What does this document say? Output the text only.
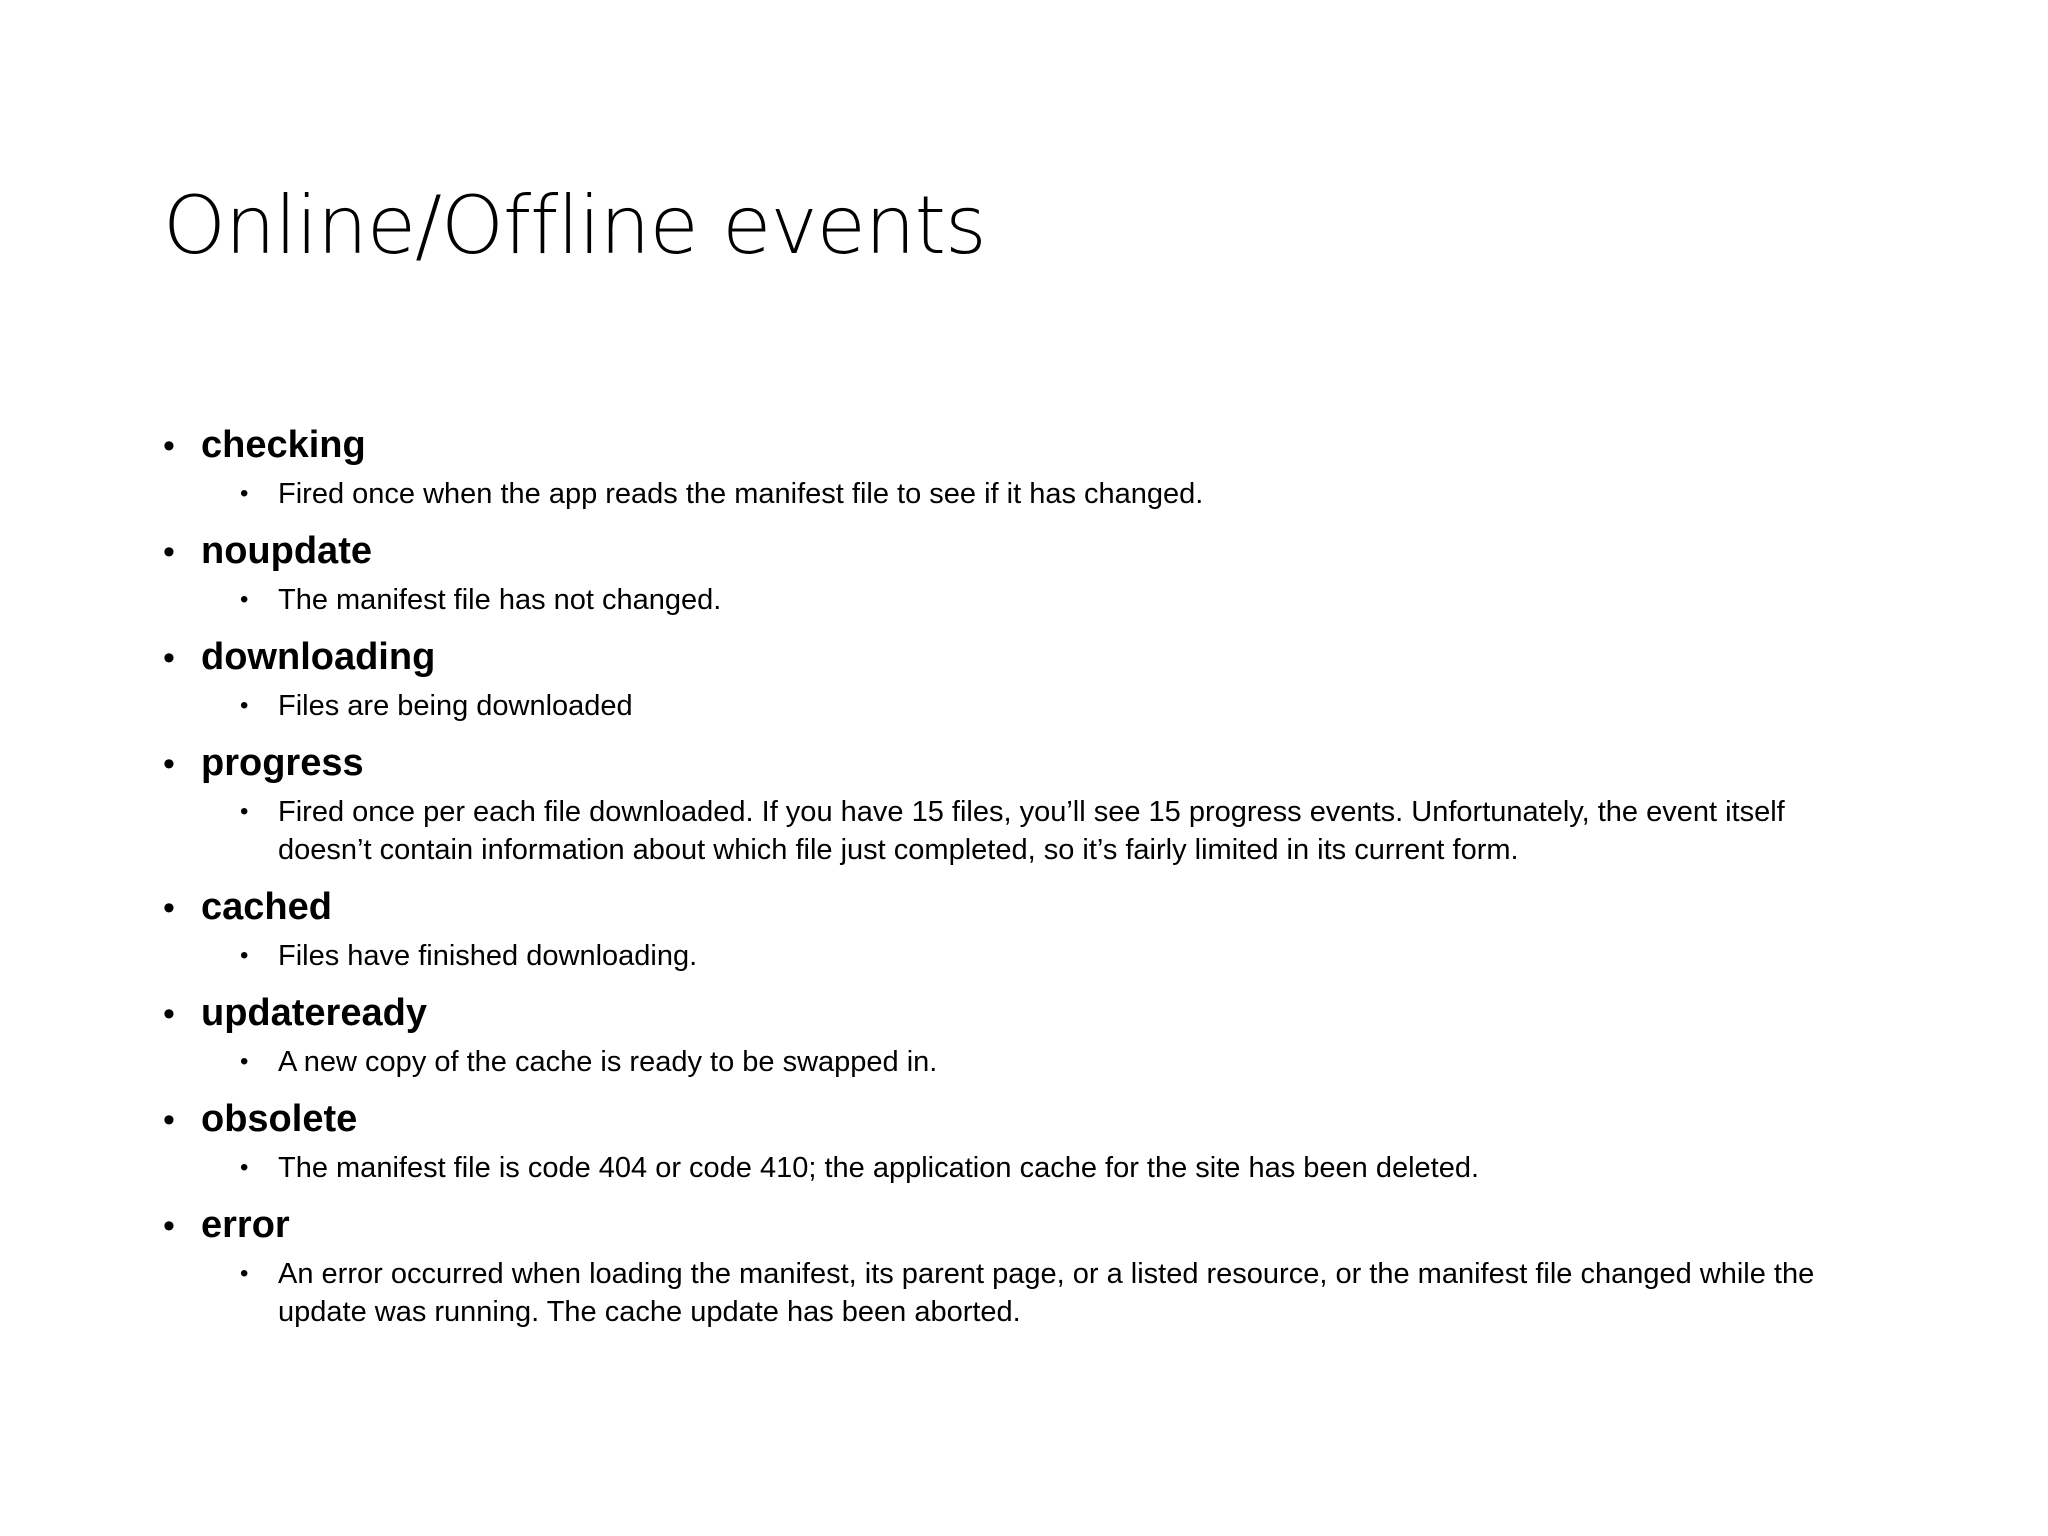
Online/Offline events
• checking
•	Fired once when the app reads the manifest file to see if it has changed.
• noupdate
•	The manifest file has not changed.
• downloading
•	Files are being downloaded
• progress
•	Fired once per each file downloaded. If you have 15 files, you’ll see 15 progress events. Unfortunately, the event itself doesn’t contain information about which file just completed, so it’s fairly limited in its current form.
• cached
•	Files have finished downloading.
• updateready
•	A new copy of the cache is ready to be swapped in.
• obsolete
•	The manifest file is code 404 or code 410; the application cache for the site has been deleted.
• error
•	An error occurred when loading the manifest, its parent page, or a listed resource, or the manifest file changed while the update was running. The cache update has been aborted.
